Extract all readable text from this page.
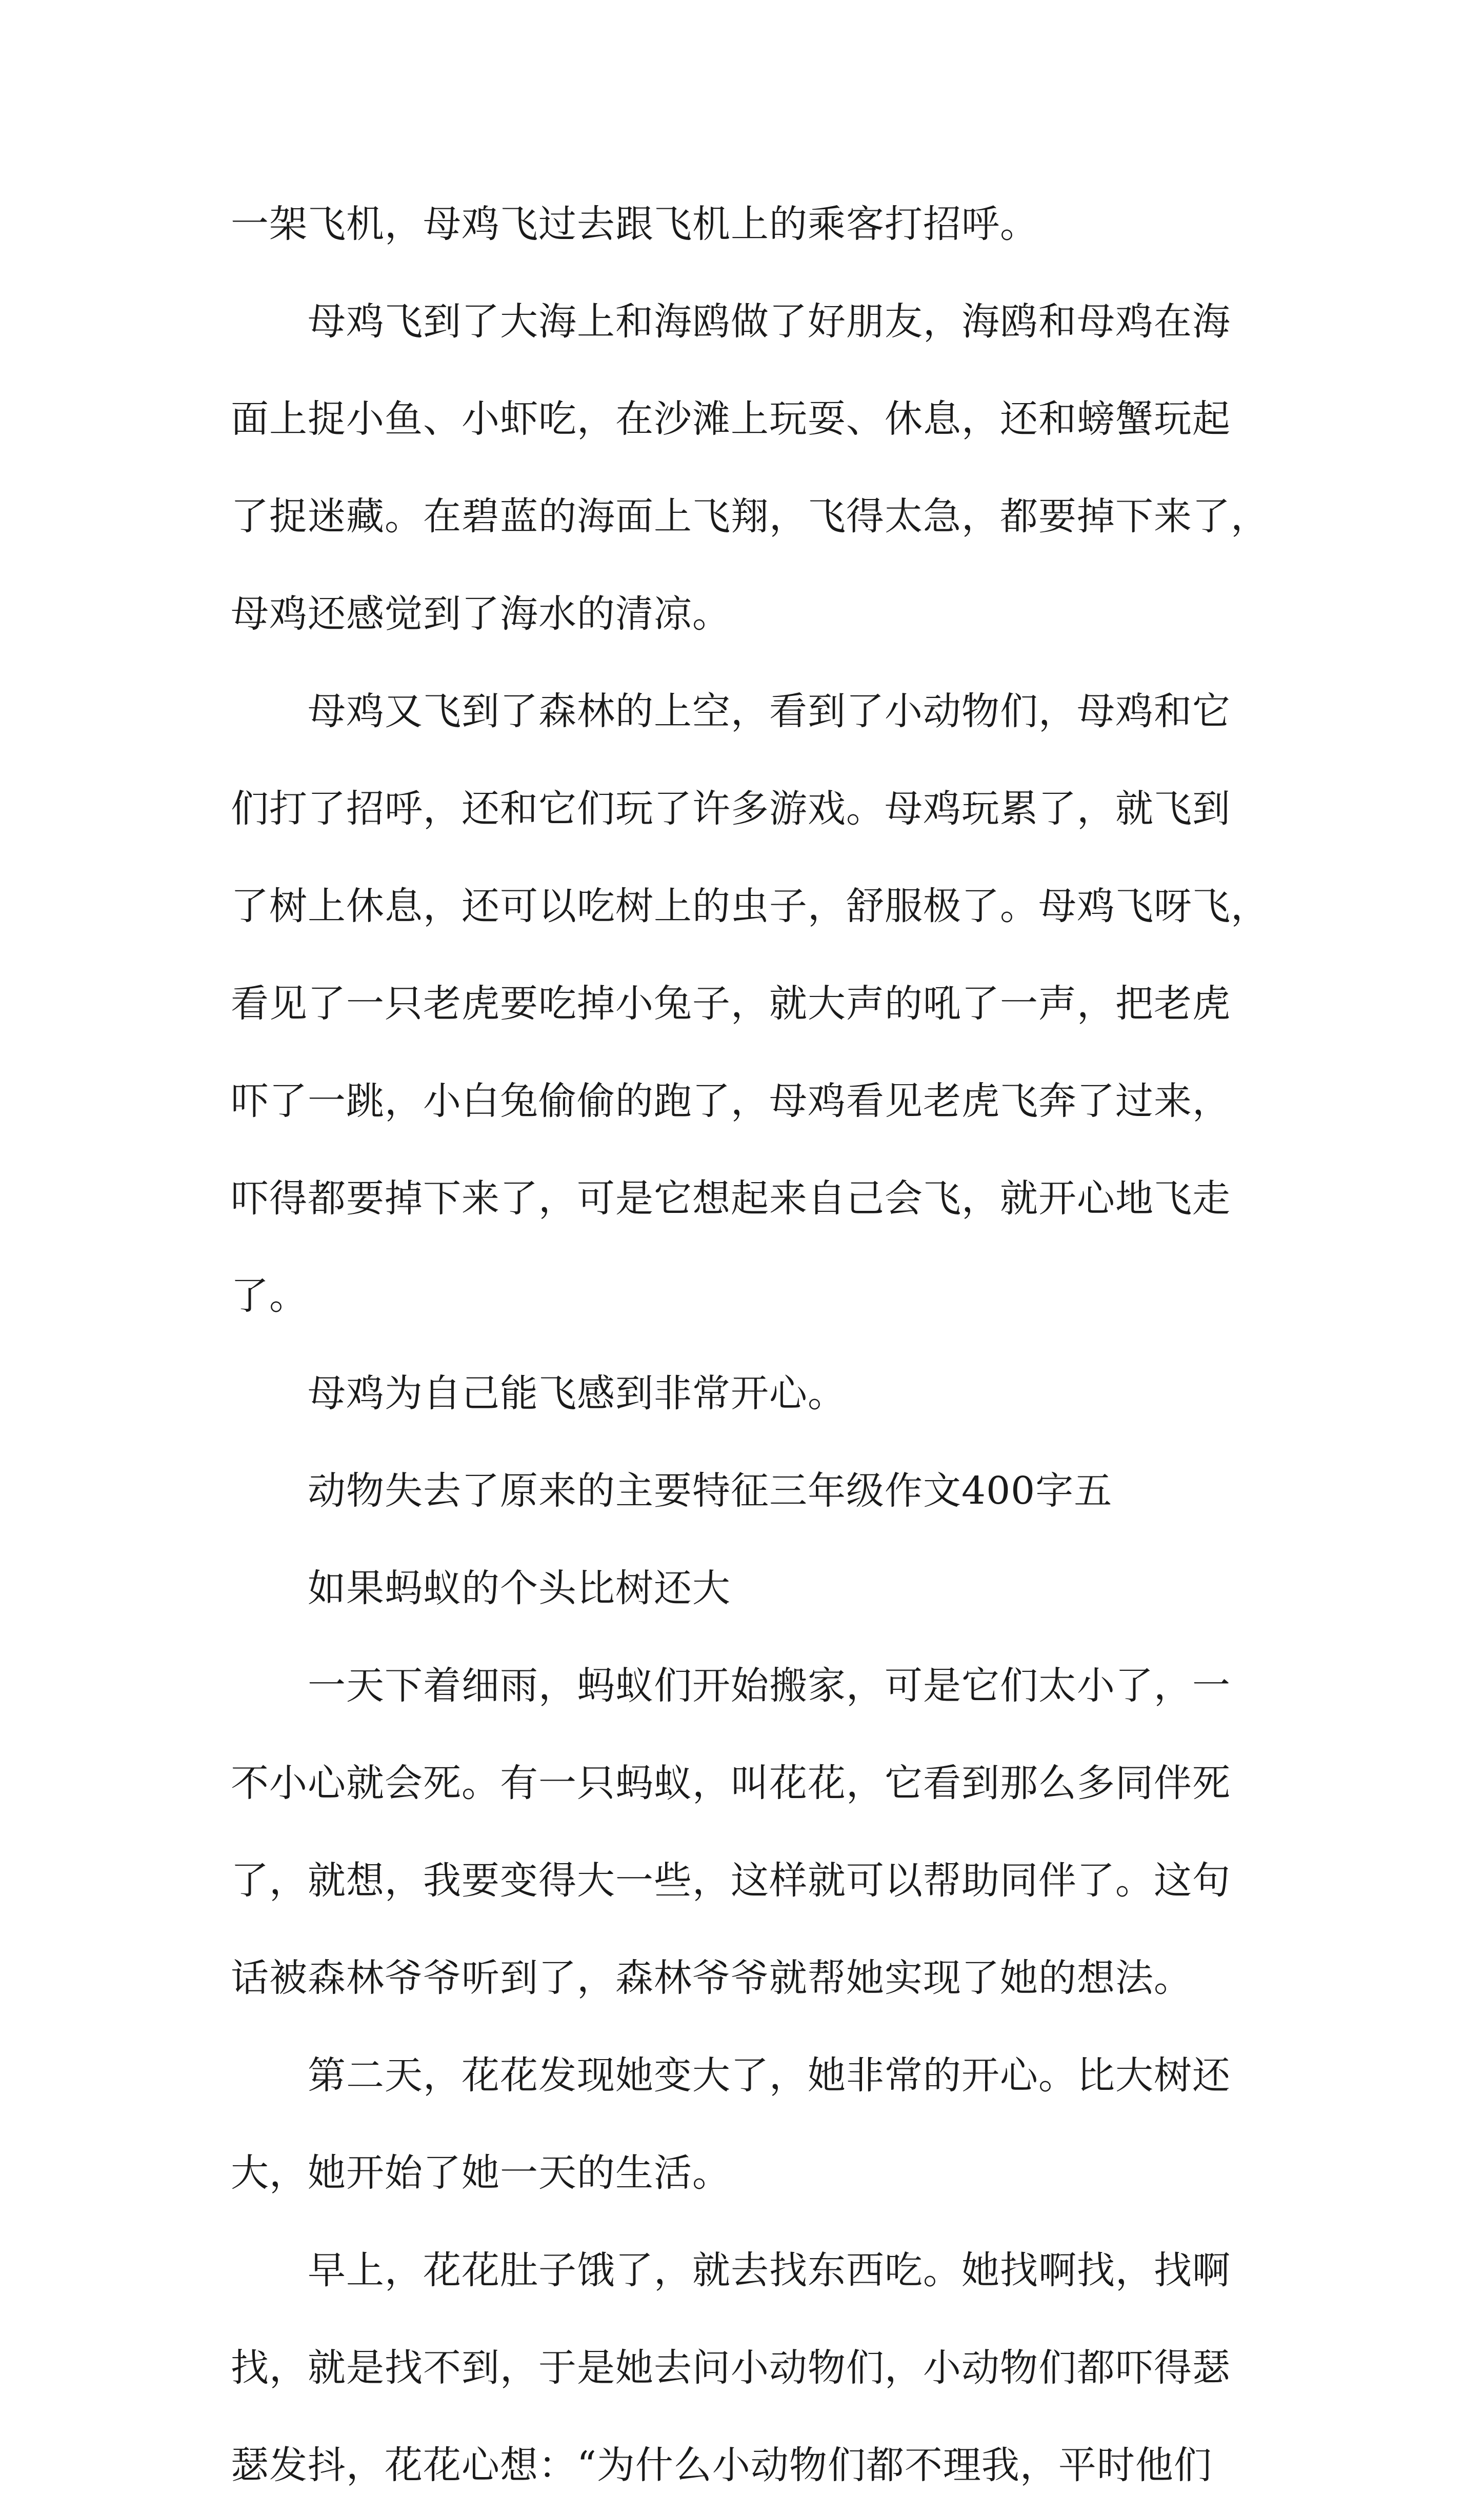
一架飞机，母鸡飞过去跟飞机上的乘客打招呼。
母鸡飞到了大海上和海鸥做了好朋友，海鸥和母鸡在海
面上捉小鱼、小虾吃，在沙滩上玩耍、休息，还和螃蟹玩起
了捉迷藏。在碧蓝的海面上飞翔，飞得太急，都要掉下来了，
母鸡还感觉到了海水的清凉。
母鸡又飞到了森林的上空，看到了小动物们，母鸡和它
们打了招呼，还和它们玩了许多游戏。母鸡玩累了，就飞到
了树上休息，还可以吃树上的虫子，舒服极了。母鸡飞呀飞，
看见了一只老虎要吃掉小兔子，就大声的吼了一声，把老虎
吓了一跳，小白兔偷偷的跑了，母鸡看见老虎飞奔了过来，
吓得都要掉下来了，可是它想起来自己会飞，就开心地飞走
了。
母鸡为自己能飞感到非常开心。
动物失去了原来的主要特征三年级作文400字五
如果蚂蚁的个头比树还大
一天下着细雨，蚂蚁们开始搬家，可是它们太小了，一
不小心就会死。有一只蚂蚁，叫花花，它看到那么多同伴死
了，就想，我要变得大一些，这样就可以帮助同伴了。这句
话被森林爷爷听到了，森林爷爷就帮她实现了她的想法。
第二天，花花发现她变大了，她非常的开心。比大树还
大，她开始了她一天的生活。
早上，花花肚子饿了，就去找东西吃。她找啊找，找啊
找，就是找不到，于是她去问小动物们，小动物们都吓得瑟
瑟发抖，花花心想：“为什么小动物们都不理我，平时他们
